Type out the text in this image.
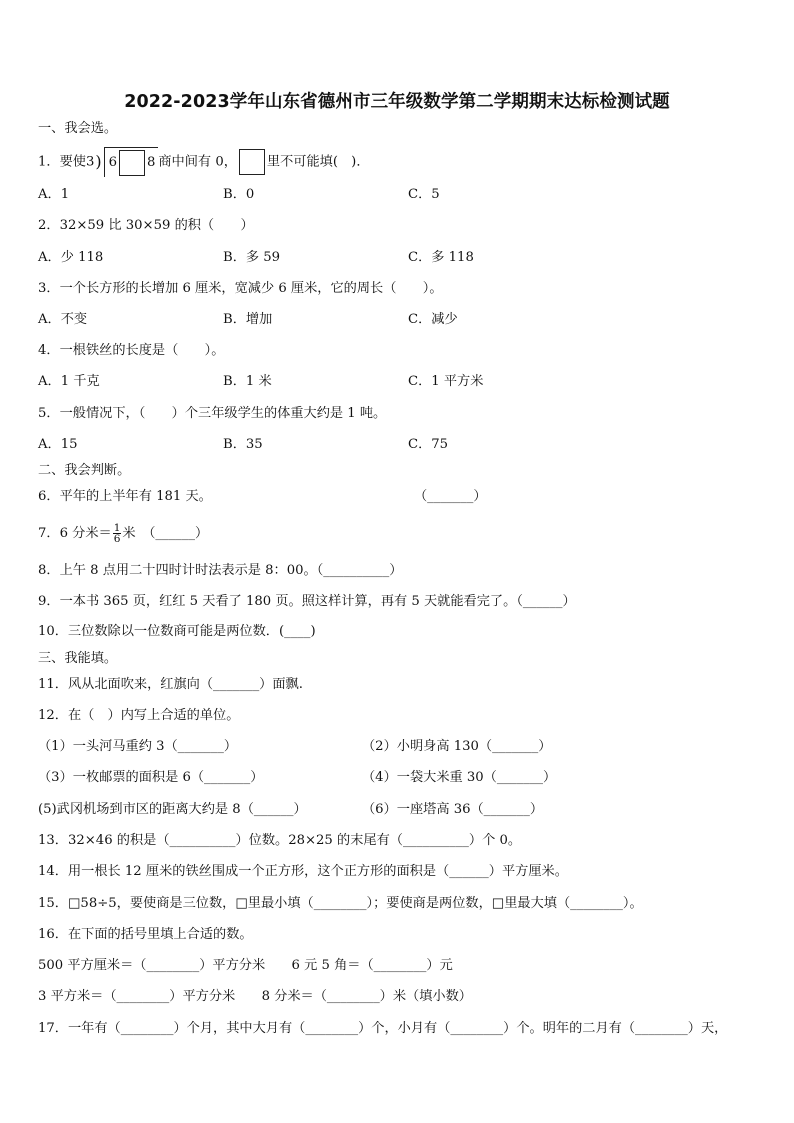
2022-2023学年山东省德州市三年级数学第二学期期末达标检测试题
一、我会选。
1．要使3) 6 8 商中间有 0， 里不可能填(　)．
A．1	B．0	C．5
2．32×59 比 30×59 的积（　　）
A．少 118	B．多 59	C．多 118
3．一个长方形的长增加 6 厘米，宽减少 6 厘米，它的周长（　　）。
A．不变	B．增加	C．减少
4．一根铁丝的长度是（　　）。
A．1 千克	B．1 米	C．1 平方米
5．一般情况下，（　　）个三年级学生的体重大约是 1 吨。
A．15	B．35	C．75
二、我会判断。
6．平年的上半年有 181 天。	（_______）
7．6 分米＝ $\frac{1}{6}$ 米　（______）
8．上午 8 点用二十四时计时法表示是 8：00。（__________）
9．一本书 365 页，红红 5 天看了 180 页。照这样计算，再有 5 天就能看完了。（______）
10．三位数除以一位数商可能是两位数．(____)
三、我能填。
11．风从北面吹来，红旗向（_______）面飘.
12．在（　）内写上合适的单位。
（1）一头河马重约 3（_______）	（2）小明身高 130（_______）
（3）一枚邮票的面积是 6（_______）	（4）一袋大米重 30（_______）
(5)武冈机场到市区的距离大约是 8（______）	（6）一座塔高 36（_______）
13．32×46 的积是（__________）位数。28×25 的末尾有（__________）个 0。
14．用一根长 12 厘米的铁丝围成一个正方形，这个正方形的面积是（______）平方厘米。
15．□58÷5，要使商是三位数，□里最小填（________）；要使商是两位数，□里最大填（________）。
16．在下面的括号里填上合适的数。
500 平方厘米＝（________）平方分米　　6 元 5 角＝（________）元
3 平方米＝（________）平方分米　　8 分米＝（________）米（填小数）
17．一年有（________）个月，其中大月有（________）个，小月有（________）个。明年的二月有（________）天，
